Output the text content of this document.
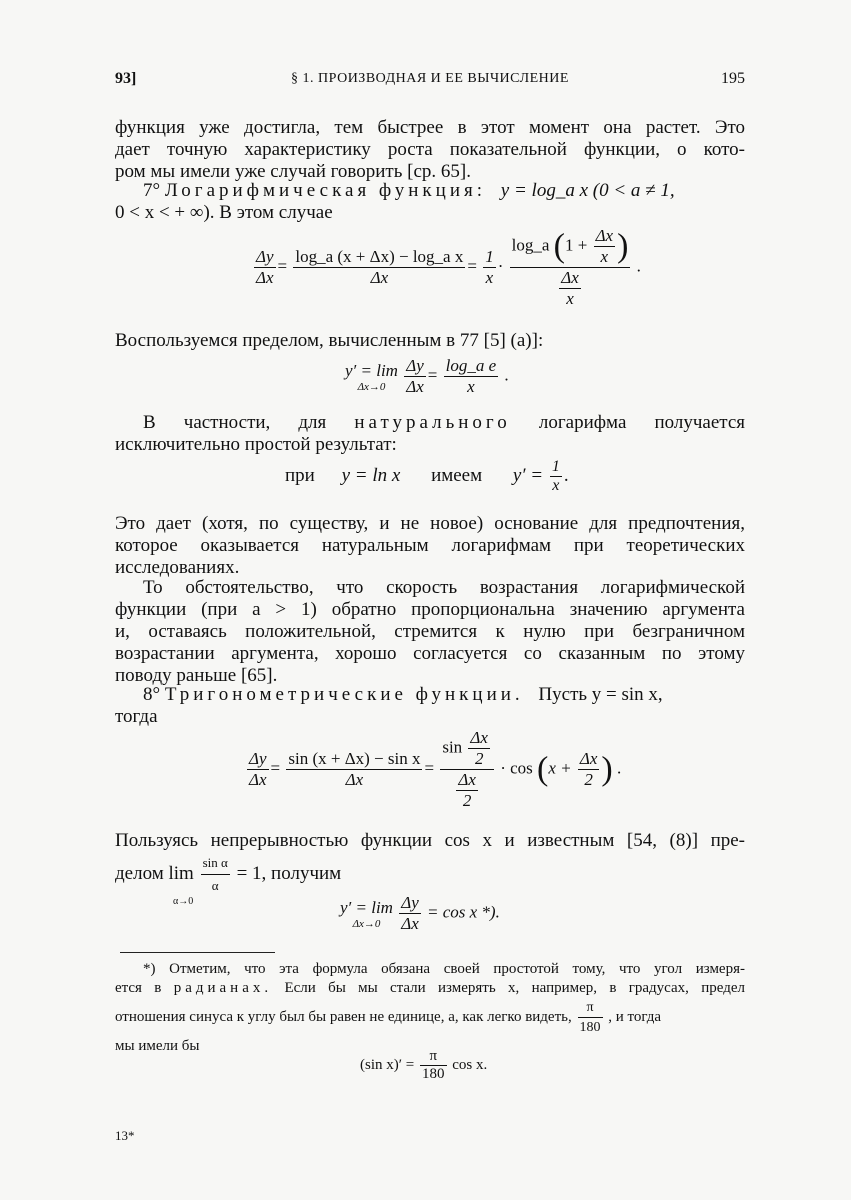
93]	§ 1. ПРОИЗВОДНАЯ И ЕЕ ВЫЧИСЛЕНИЕ	195
функция уже достигла, тем быстрее в этот момент она растет. Это
дает точную характеристику роста показательной функции, о кото-
ром мы имели уже случай говорить [ср. 65].
7° Логарифмическая функция: y = log_a x (0 < a ≠ 1,
0 < x < + ∞). В этом случае
$\frac{\Delta y}{\Delta x} = \frac{\text{log\_a (x + Δx) − log\_a x}}{\Delta x} = \frac{1}{x}$ ·
log_a ($1 + \frac{\Delta x}{x}$ )
$\frac{\Delta x}{x}$
.
Воспользуемся пределом, вычисленным в 77 [5] (а)]:
y′ = lim
Δx→0
	$\frac{\Delta y}{\Delta x} = \frac{\text{log\_a e}}{x}$ .
В частности, для натурального логарифма получается
исключительно простой результат:
при y = ln x имеем $y' = \frac{1}{x}$ .
Это дает (хотя, по существу, и не новое) основание для предпочтения,
которое оказывается натуральным логарифмам при теоретических
исследованиях.
То обстоятельство, что скорость возрастания логарифмической
функции (при a > 1) обратно пропорциональна значению аргумента
и, оставаясь положительной, стремится к нулю при безграничном
возрастании аргумента, хорошо согласуется со сказанным по этому
поводу раньше [65].
8° Тригонометрические функции. Пусть y = sin x,
тогда
$\frac{\Delta y}{\Delta x} = \frac{\text{sin (x + Δx) − sin x}}{\Delta x} = \frac{\sin \frac{\Delta x}{2}}{\frac{\Delta x}{2}} \cdot \cos (x + \frac{\Delta x}{2}$ ) .
Пользуясь непрерывностью функции cos x и известным [54, (8)] пре-
делом $\lim \frac{\text{sin α}}{\alpha} = 1$, получим
α→0	y′ = lim
Δx→0
	$\frac{\Delta y}{\Delta x} = \cos x$ *).
*) Отметим, что эта формула обязана своей простотой тому, что угол измеря-
ется в радианах. Если бы мы стали измерять x, например, в градусах, предел
отношения синуса к углу был бы равен не единице, а, как легко видеть, $\frac{\pi}{180}$ , и тогда
мы имели бы
(sin $x)' = \frac{\pi}{180}$ cos x.
13*
